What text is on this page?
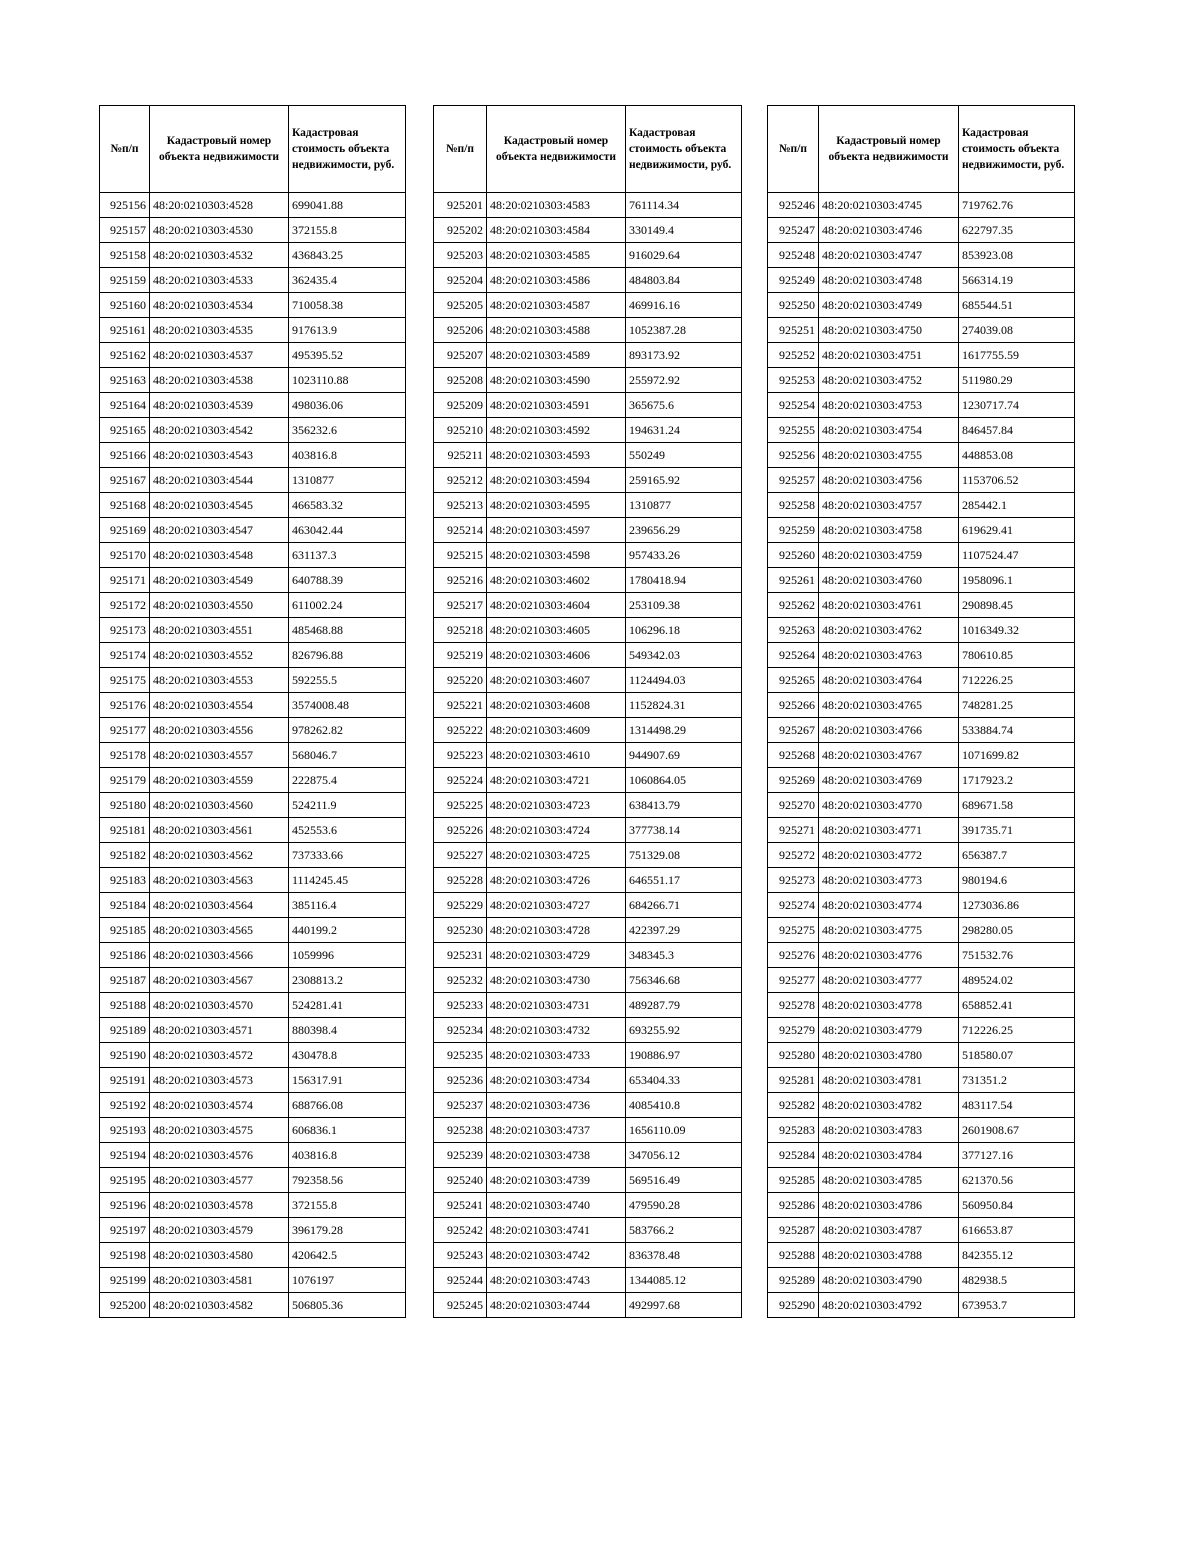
№п/п	Кадастровый номер объекта недвижимости	Кадастровая стоимость объекта недвижимости, руб.
925156	48:20:0210303:4528	699041.88
925157	48:20:0210303:4530	372155.8
925158	48:20:0210303:4532	436843.25
925159	48:20:0210303:4533	362435.4
925160	48:20:0210303:4534	710058.38
925161	48:20:0210303:4535	917613.9
925162	48:20:0210303:4537	495395.52
925163	48:20:0210303:4538	1023110.88
925164	48:20:0210303:4539	498036.06
925165	48:20:0210303:4542	356232.6
925166	48:20:0210303:4543	403816.8
925167	48:20:0210303:4544	1310877
925168	48:20:0210303:4545	466583.32
925169	48:20:0210303:4547	463042.44
925170	48:20:0210303:4548	631137.3
925171	48:20:0210303:4549	640788.39
925172	48:20:0210303:4550	611002.24
925173	48:20:0210303:4551	485468.88
925174	48:20:0210303:4552	826796.88
925175	48:20:0210303:4553	592255.5
925176	48:20:0210303:4554	3574008.48
925177	48:20:0210303:4556	978262.82
925178	48:20:0210303:4557	568046.7
925179	48:20:0210303:4559	222875.4
925180	48:20:0210303:4560	524211.9
925181	48:20:0210303:4561	452553.6
925182	48:20:0210303:4562	737333.66
925183	48:20:0210303:4563	1114245.45
925184	48:20:0210303:4564	385116.4
925185	48:20:0210303:4565	440199.2
925186	48:20:0210303:4566	1059996
925187	48:20:0210303:4567	2308813.2
925188	48:20:0210303:4570	524281.41
925189	48:20:0210303:4571	880398.4
925190	48:20:0210303:4572	430478.8
925191	48:20:0210303:4573	156317.91
925192	48:20:0210303:4574	688766.08
925193	48:20:0210303:4575	606836.1
925194	48:20:0210303:4576	403816.8
925195	48:20:0210303:4577	792358.56
925196	48:20:0210303:4578	372155.8
925197	48:20:0210303:4579	396179.28
925198	48:20:0210303:4580	420642.5
925199	48:20:0210303:4581	1076197
925200	48:20:0210303:4582	506805.36
№п/п	Кадастровый номер объекта недвижимости	Кадастровая стоимость объекта недвижимости, руб.
925201	48:20:0210303:4583	761114.34
925202	48:20:0210303:4584	330149.4
925203	48:20:0210303:4585	916029.64
925204	48:20:0210303:4586	484803.84
925205	48:20:0210303:4587	469916.16
925206	48:20:0210303:4588	1052387.28
925207	48:20:0210303:4589	893173.92
925208	48:20:0210303:4590	255972.92
925209	48:20:0210303:4591	365675.6
925210	48:20:0210303:4592	194631.24
925211	48:20:0210303:4593	550249
925212	48:20:0210303:4594	259165.92
925213	48:20:0210303:4595	1310877
925214	48:20:0210303:4597	239656.29
925215	48:20:0210303:4598	957433.26
925216	48:20:0210303:4602	1780418.94
925217	48:20:0210303:4604	253109.38
925218	48:20:0210303:4605	106296.18
925219	48:20:0210303:4606	549342.03
925220	48:20:0210303:4607	1124494.03
925221	48:20:0210303:4608	1152824.31
925222	48:20:0210303:4609	1314498.29
925223	48:20:0210303:4610	944907.69
925224	48:20:0210303:4721	1060864.05
925225	48:20:0210303:4723	638413.79
925226	48:20:0210303:4724	377738.14
925227	48:20:0210303:4725	751329.08
925228	48:20:0210303:4726	646551.17
925229	48:20:0210303:4727	684266.71
925230	48:20:0210303:4728	422397.29
925231	48:20:0210303:4729	348345.3
925232	48:20:0210303:4730	756346.68
925233	48:20:0210303:4731	489287.79
925234	48:20:0210303:4732	693255.92
925235	48:20:0210303:4733	190886.97
925236	48:20:0210303:4734	653404.33
925237	48:20:0210303:4736	4085410.8
925238	48:20:0210303:4737	1656110.09
925239	48:20:0210303:4738	347056.12
925240	48:20:0210303:4739	569516.49
925241	48:20:0210303:4740	479590.28
925242	48:20:0210303:4741	583766.2
925243	48:20:0210303:4742	836378.48
925244	48:20:0210303:4743	1344085.12
925245	48:20:0210303:4744	492997.68
№п/п	Кадастровый номер объекта недвижимости	Кадастровая стоимость объекта недвижимости, руб.
925246	48:20:0210303:4745	719762.76
925247	48:20:0210303:4746	622797.35
925248	48:20:0210303:4747	853923.08
925249	48:20:0210303:4748	566314.19
925250	48:20:0210303:4749	685544.51
925251	48:20:0210303:4750	274039.08
925252	48:20:0210303:4751	1617755.59
925253	48:20:0210303:4752	511980.29
925254	48:20:0210303:4753	1230717.74
925255	48:20:0210303:4754	846457.84
925256	48:20:0210303:4755	448853.08
925257	48:20:0210303:4756	1153706.52
925258	48:20:0210303:4757	285442.1
925259	48:20:0210303:4758	619629.41
925260	48:20:0210303:4759	1107524.47
925261	48:20:0210303:4760	1958096.1
925262	48:20:0210303:4761	290898.45
925263	48:20:0210303:4762	1016349.32
925264	48:20:0210303:4763	780610.85
925265	48:20:0210303:4764	712226.25
925266	48:20:0210303:4765	748281.25
925267	48:20:0210303:4766	533884.74
925268	48:20:0210303:4767	1071699.82
925269	48:20:0210303:4769	1717923.2
925270	48:20:0210303:4770	689671.58
925271	48:20:0210303:4771	391735.71
925272	48:20:0210303:4772	656387.7
925273	48:20:0210303:4773	980194.6
925274	48:20:0210303:4774	1273036.86
925275	48:20:0210303:4775	298280.05
925276	48:20:0210303:4776	751532.76
925277	48:20:0210303:4777	489524.02
925278	48:20:0210303:4778	658852.41
925279	48:20:0210303:4779	712226.25
925280	48:20:0210303:4780	518580.07
925281	48:20:0210303:4781	731351.2
925282	48:20:0210303:4782	483117.54
925283	48:20:0210303:4783	2601908.67
925284	48:20:0210303:4784	377127.16
925285	48:20:0210303:4785	621370.56
925286	48:20:0210303:4786	560950.84
925287	48:20:0210303:4787	616653.87
925288	48:20:0210303:4788	842355.12
925289	48:20:0210303:4790	482938.5
925290	48:20:0210303:4792	673953.7
